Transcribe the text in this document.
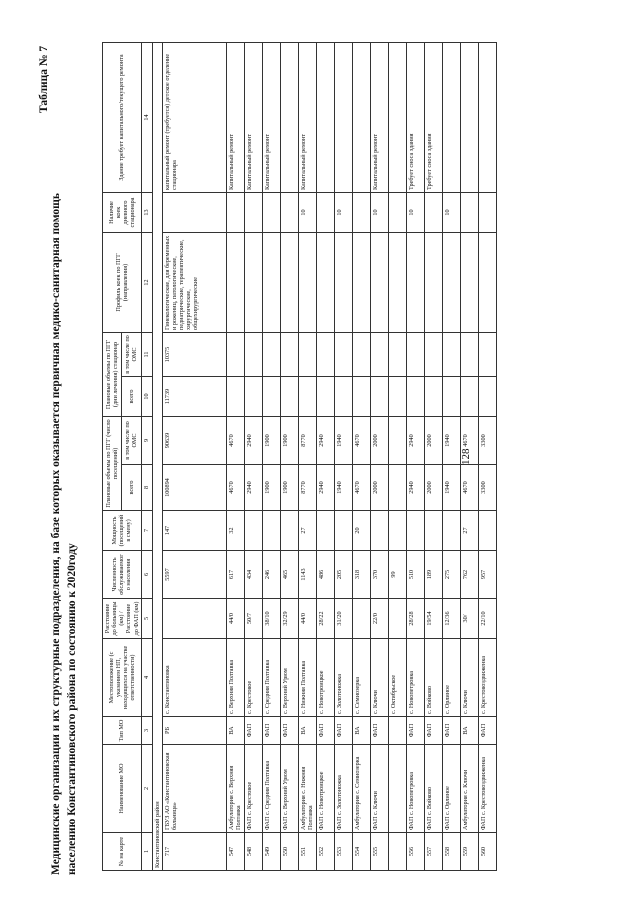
128
Медицинские организации и их структурные подразделения, на базе которых оказывается первичная медико-санитарная помощь населению Константиновского района по состоянию к 2020году
Таблица № 7
№ на карте	Наименование МО	Тип МО	Местоположение (с указанием НП, находящихся на участке ответственности)	Расстояние до больницы (км) / Расстояние до ФАП (км)	Численность обслуживаемого населения	Мощность (посещений в смену)	Плановые объемы по ПГГ (число посещений)		Плановые объемы по ПГГ (дни лечения) стационар		Профиль коек по ПГГ (направления)	Наличие коек дневного стационара	Здание требует капитального/текущего ремонта
							всего	в том числе по ОМС	всего	в том числе по ОМС			
1	2	3	4	5	6	7	8	9	10	11	12	13	14
Константиновский район													
717	ГБУЗ АО «Константиновская больница»	РБ	с. Константиновка		5597	147	100894	90639	11739	10375	Гинекологические, для беременных и рожениц, патологические, педиатрические, терапевтические, хирургические, общехирургические		капитальный ремонт (требуется) детское отделение стационара
547	Амбулатория с. Верхняя Полтавка	ВА	с. Верхняя Полтавка	44/0	617	32	4670	4670					Капитальный ремонт
548	ФАП с. Крестовое	ФАП	с. Крестовое	50/7	434		2940	2940					Капитальный ремонт
549	ФАП с. Средняя Полтавка	ФАП	с. Средняя Полтавка	38/10	246		1900	1900					Капитальный ремонт
550	ФАП с. Верхний Урюм	ФАП	с. Верхний Урюм	32/29	465		1900	1900					
551	Амбулатория с. Нижняя Полтавка	ВА	с. Нижняя Полтавка	44/0	1143	27	8770	8770				10	Капитальный ремонт
552	ФАП с. Новотроицкое	ФАП	с. Новотроицкое	28/22	486		2940	2940					
553	ФАП с. Золотоножка	ФАП	с. Золотоножка	31/20	205		1940	1940				10	
554	Амбулатория с. Семиозерка	ВА	с. Семиозерка		318	20	4670	4670					
555	ФАП с. Ключи	ФАП	с. Ключи	22/0	370		2000	2000				10	Капитальный ремонт
			с. Октябрьское		99								
556	ФАП с. Новопетровка	ФАП	с. Новопетровка	28/28	510		2940	2940				10	Требует сноса здания
557	ФАП с. Войково	ФАП	с. Войково	19/54	189		2000	2000					Требует сноса здания
558	ФАП с. Орлиное	ФАП	с. Орлиное	12/36	275		1940	1940				10	
559	Амбулатория с. Ключи	ВА	с. Ключи	30/	762	27	4670	4670					
560	ФАП с. Крестовоздвиженка	ФАП	с. Крестовоздвиженка	22/10	957		3300	3300					
